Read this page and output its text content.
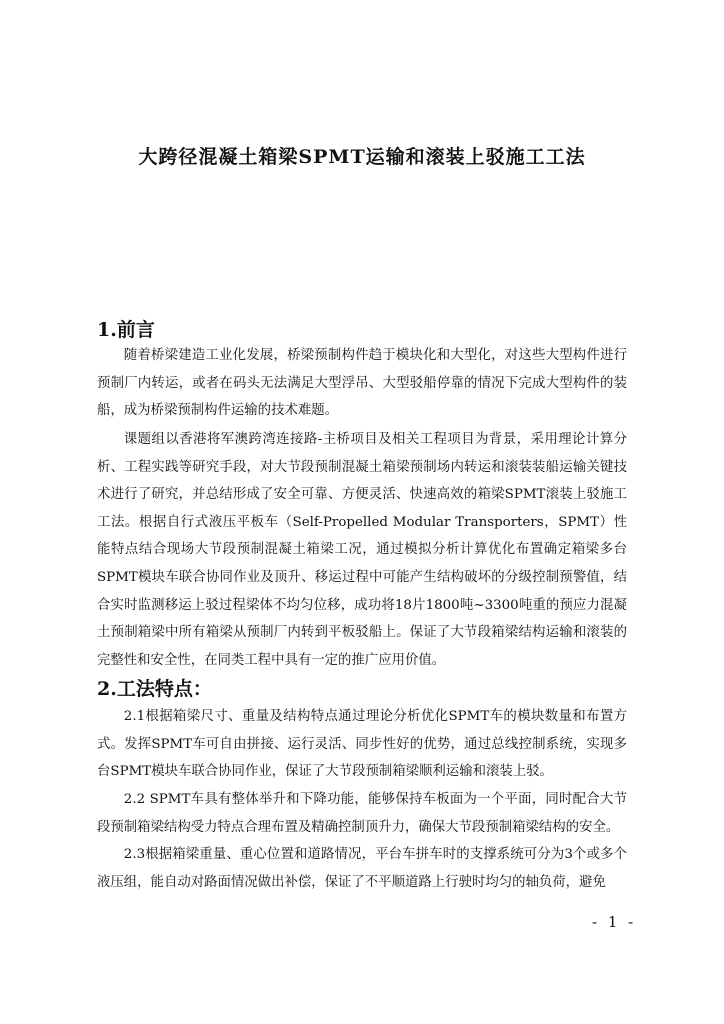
大跨径混凝土箱梁SPMT运输和滚装上驳施工工法
1.前言

随着桥梁建造工业化发展，桥梁预制构件趋于模块化和大型化，对这些大型构件进行预制厂内转运，或者在码头无法满足大型浮吊、大型驳船停靠的情况下完成大型构件的装船，成为桥梁预制构件运输的技术难题。

课题组以香港将军澳跨湾连接路-主桥项目及相关工程项目为背景，采用理论计算分析、工程实践等研究手段，对大节段预制混凝土箱梁预制场内转运和滚装装船运输关键技术进行了研究，并总结形成了安全可靠、方便灵活、快速高效的箱梁SPMT滚装上驳施工工法。根据自行式液压平板车（Self-Propelled Modular Transporters，SPMT）性能特点结合现场大节段预制混凝土箱梁工况，通过模拟分析计算优化布置确定箱梁多台SPMT模块车联合协同作业及顶升、移运过程中可能产生结构破坏的分级控制预警值，结合实时监测移运上驳过程梁体不均匀位移，成功将18片1800吨~3300吨重的预应力混凝土预制箱梁中所有箱梁从预制厂内转到平板驳船上。保证了大节段箱梁结构运输和滚装的完整性和安全性，在同类工程中具有一定的推广应用价值。

2.工法特点：

2.1根据箱梁尺寸、重量及结构特点通过理论分析优化SPMT车的模块数量和布置方式。发挥SPMT车可自由拼接、运行灵活、同步性好的优势，通过总线控制系统，实现多台SPMT模块车联合协同作业，保证了大节段预制箱梁顺利运输和滚装上驳。

2.2 SPMT车具有整体举升和下降功能，能够保持车板面为一个平面，同时配合大节段预制箱梁结构受力特点合理布置及精确控制顶升力，确保大节段预制箱梁结构的安全。

2.3根据箱梁重量、重心位置和道路情况，平台车拼车时的支撑系统可分为3个或多个液压组，能自动对路面情况做出补偿，保证了不平顺道路上行驶时均匀的轴负荷，避免

- 1 -
